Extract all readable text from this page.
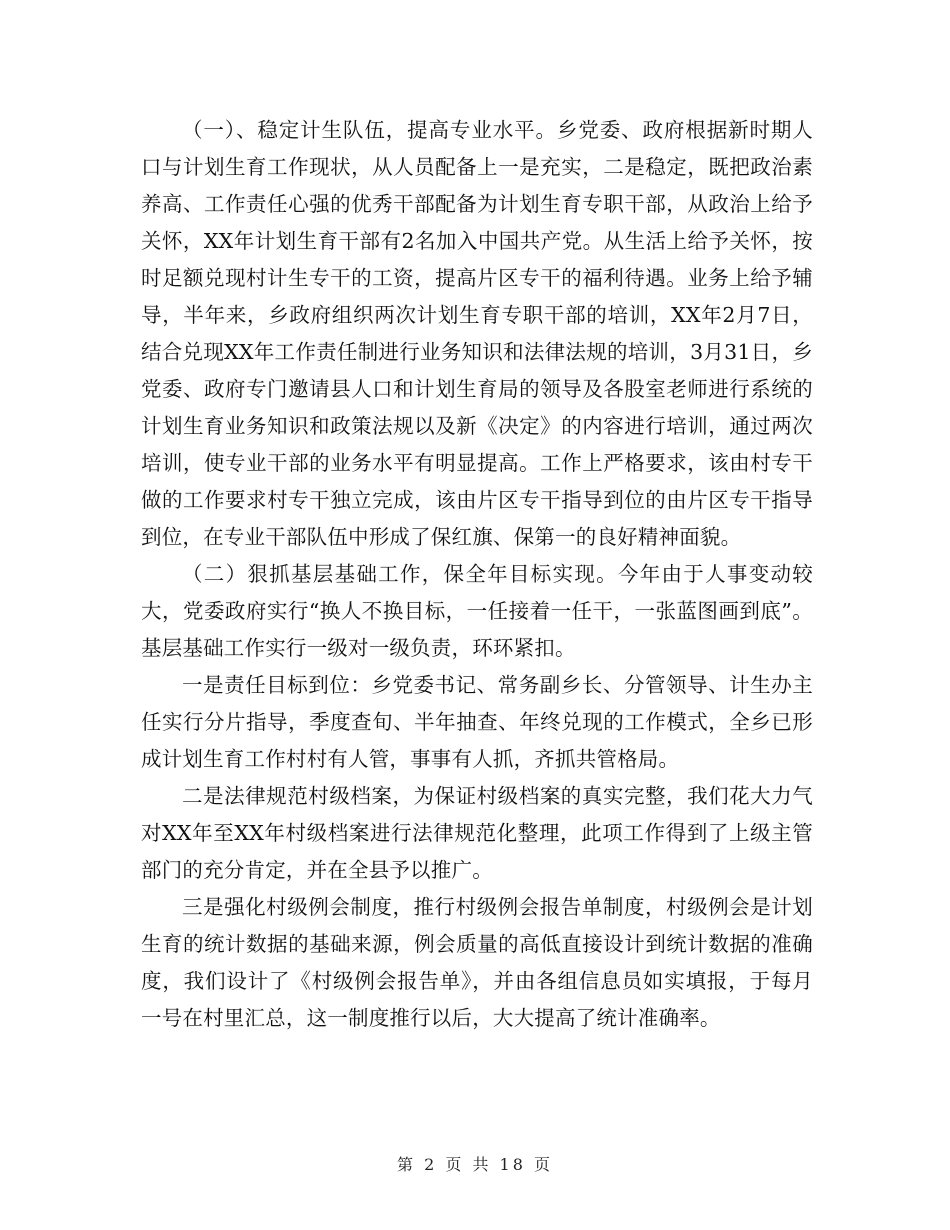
（一）、稳定计生队伍，提高专业水平。乡党委、政府根据新时期人口与计划生育工作现状，从人员配备上一是充实，二是稳定，既把政治素养高、工作责任心强的优秀干部配备为计划生育专职干部，从政治上给予关怀，XX年计划生育干部有2名加入中国共产党。从生活上给予关怀，按时足额兑现村计生专干的工资，提高片区专干的福利待遇。业务上给予辅导，半年来，乡政府组织两次计划生育专职干部的培训，XX年2月7日，结合兑现XX年工作责任制进行业务知识和法律法规的培训，3月31日，乡党委、政府专门邀请县人口和计划生育局的领导及各股室老师进行系统的计划生育业务知识和政策法规以及新《决定》的内容进行培训，通过两次培训，使专业干部的业务水平有明显提高。工作上严格要求，该由村专干做的工作要求村专干独立完成，该由片区专干指导到位的由片区专干指导到位，在专业干部队伍中形成了保红旗、保第一的良好精神面貌。

（二）狠抓基层基础工作，保全年目标实现。今年由于人事变动较大，党委政府实行“换人不换目标，一任接着一任干，一张蓝图画到底”。基层基础工作实行一级对一级负责，环环紧扣。

一是责任目标到位：乡党委书记、常务副乡长、分管领导、计生办主任实行分片指导，季度查旬、半年抽查、年终兑现的工作模式，全乡已形成计划生育工作村村有人管，事事有人抓，齐抓共管格局。

二是法律规范村级档案，为保证村级档案的真实完整，我们花大力气对XX年至XX年村级档案进行法律规范化整理，此项工作得到了上级主管部门的充分肯定，并在全县予以推广。

三是强化村级例会制度，推行村级例会报告单制度，村级例会是计划生育的统计数据的基础来源，例会质量的高低直接设计到统计数据的准确度，我们设计了《村级例会报告单》，并由各组信息员如实填报，于每月一号在村里汇总，这一制度推行以后，大大提高了统计准确率。

第 2 页 共 18 页
